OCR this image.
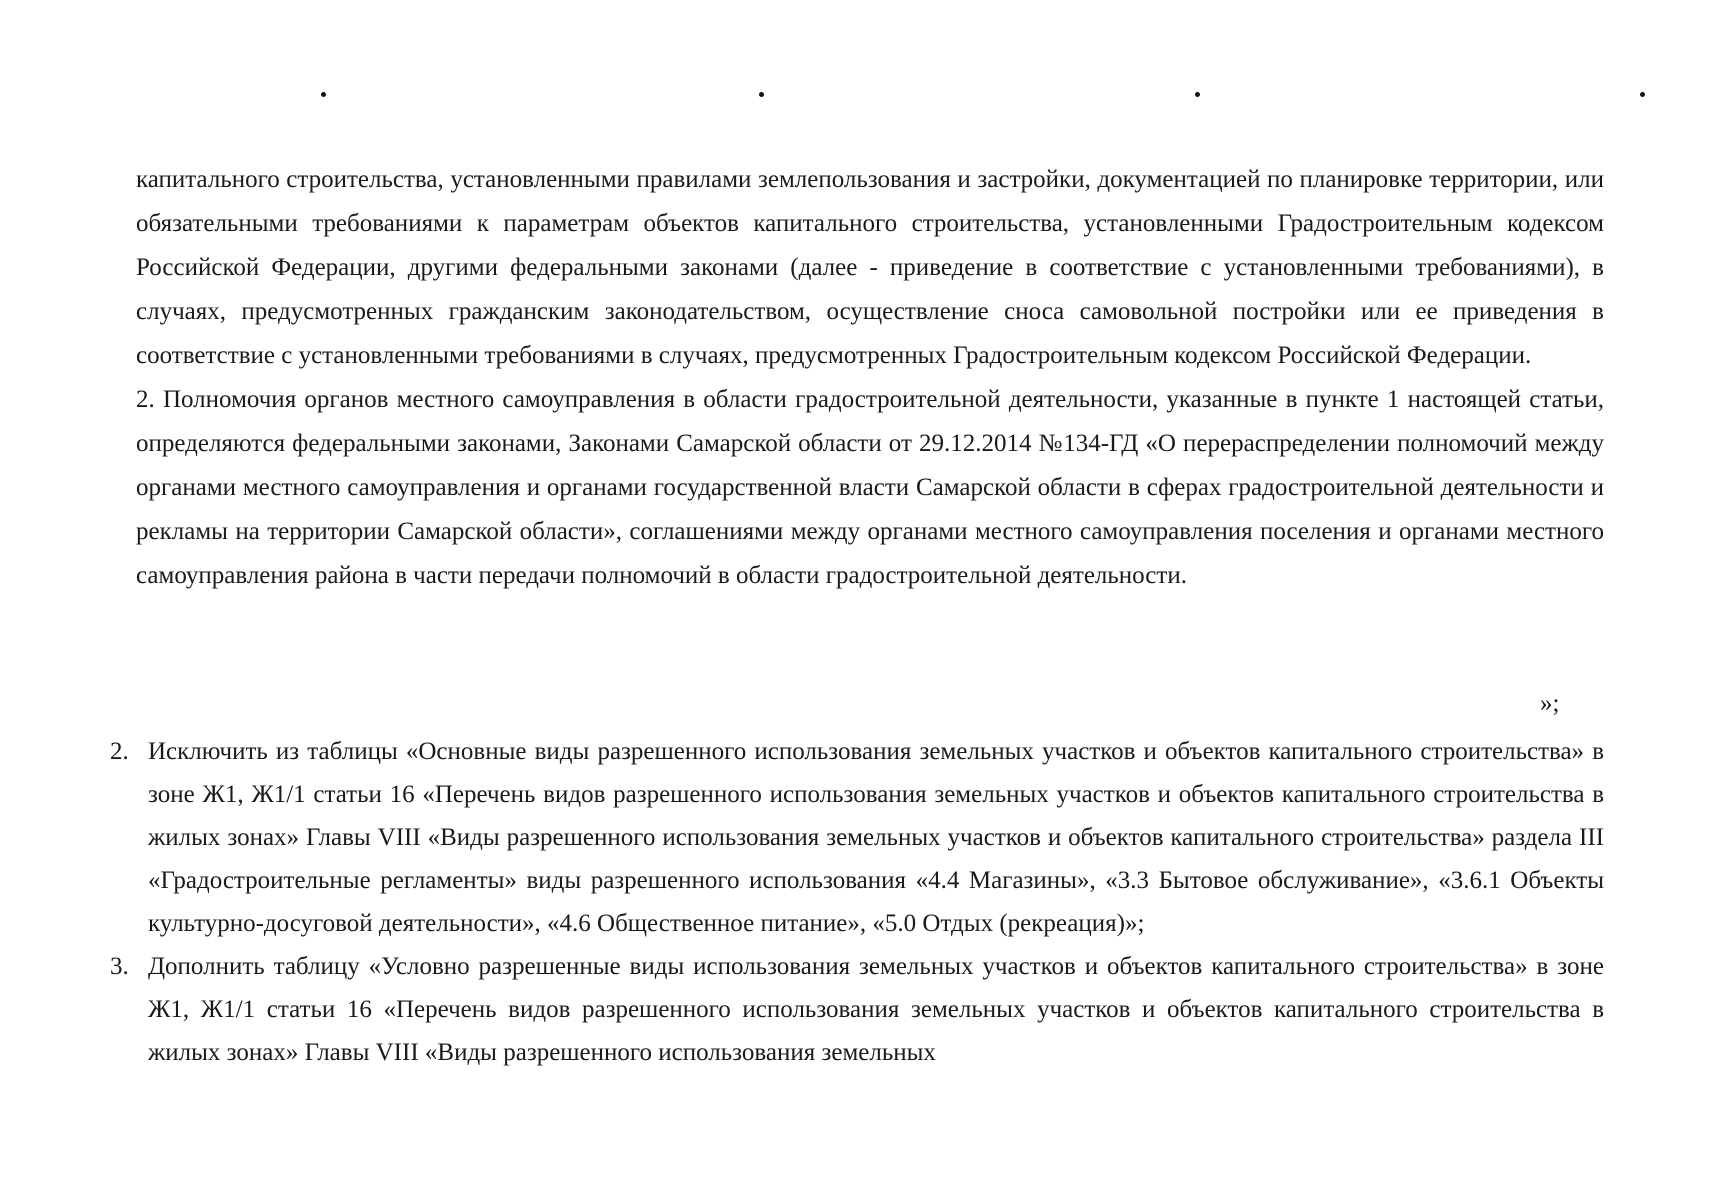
капитального строительства, установленными правилами землепользования и застройки, документацией по планировке территории, или обязательными требованиями к параметрам объектов капитального строительства, установленными Градостроительным кодексом Российской Федерации, другими федеральными законами (далее - приведение в соответствие с установленными требованиями), в случаях, предусмотренных гражданским законодательством, осуществление сноса самовольной постройки или ее приведения в соответствие с установленными требованиями в случаях, предусмотренных Градостроительным кодексом Российской Федерации.

2. Полномочия органов местного самоуправления в области градостроительной деятельности, указанные в пункте 1 настоящей статьи, определяются федеральными законами, Законами Самарской области от 29.12.2014 №134-ГД «О перераспределении полномочий между органами местного самоуправления и органами государственной власти Самарской области в сферах градостроительной деятельности и рекламы на территории Самарской области», соглашениями между органами местного самоуправления поселения и органами местного самоуправления района в части передачи полномочий в области градостроительной деятельности.

»;
2. Исключить из таблицы «Основные виды разрешенного использования земельных участков и объектов капитального строительства» в зоне Ж1, Ж1/1 статьи 16 «Перечень видов разрешенного использования земельных участков и объектов капитального строительства в жилых зонах» Главы VIII «Виды разрешенного использования земельных участков и объектов капитального строительства» раздела III «Градостроительные регламенты» виды разрешенного использования «4.4 Магазины», «3.3 Бытовое обслуживание», «3.6.1 Объекты культурно-досуговой деятельности», «4.6 Общественное питание», «5.0 Отдых (рекреация)»;
3. Дополнить таблицу «Условно разрешенные виды использования земельных участков и объектов капитального строительства» в зоне Ж1, Ж1/1 статьи 16 «Перечень видов разрешенного использования земельных участков и объектов капитального строительства в жилых зонах» Главы VIII «Виды разрешенного использования земельных
